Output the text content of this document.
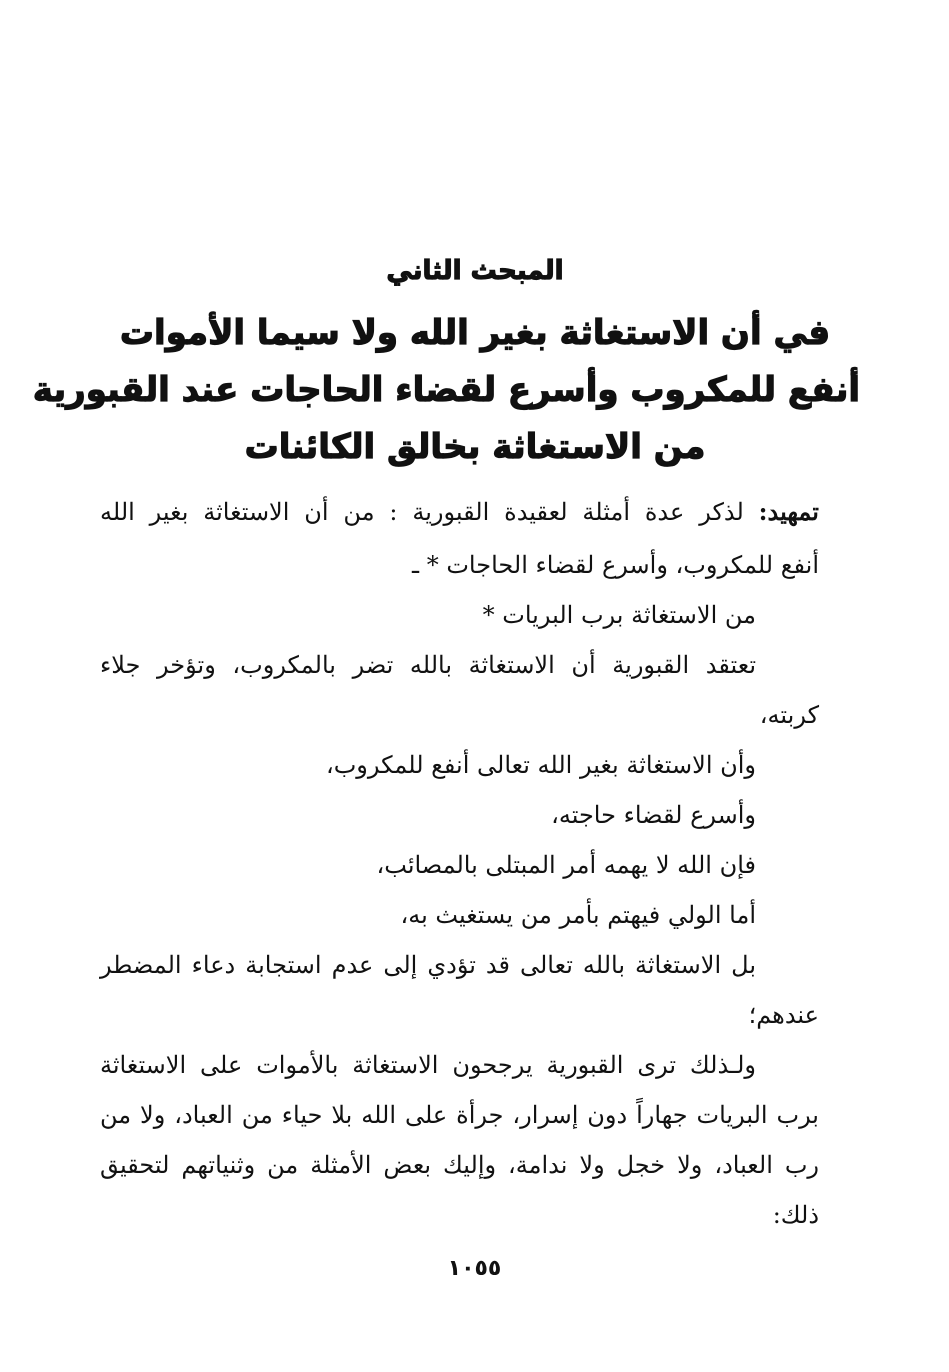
المبحث الثاني
في أن الاستغاثة بغير الله ولا سيما الأموات
أنفع للمكروب وأسرع لقضاء الحاجات عند القبورية
من الاستغاثة بخالق الكائنات
تمهيد: لذكر عدة أمثلة لعقيدة القبورية : من أن الاستغاثة بغير الله
أنفع للمكروب، وأسرع لقضاء الحاجات * ـ
من الاستغاثة برب البريات *
تعتقد القبورية أن الاستغاثة بالله تضر بالمكروب، وتؤخر جلاء
كربته،
وأن الاستغاثة بغير الله تعالى أنفع للمكروب،
وأسرع لقضاء حاجته،
فإن الله لا يهمه أمر المبتلى بالمصائب،
أما الولي فيهتم بأمر من يستغيث به،
بل الاستغاثة بالله تعالى قد تؤدي إلى عدم استجابة دعاء المضطر
عندهم؛
ولـذلك ترى القبورية يرجحون الاستغاثة بالأموات على الاستغاثة
برب البريات جهاراً دون إسرار، جرأة على الله بلا حياء من العباد، ولا من
رب العباد، ولا خجل ولا ندامة، وإليك بعض الأمثلة من وثنياتهم لتحقيق
ذلك:
١٠٥٥
